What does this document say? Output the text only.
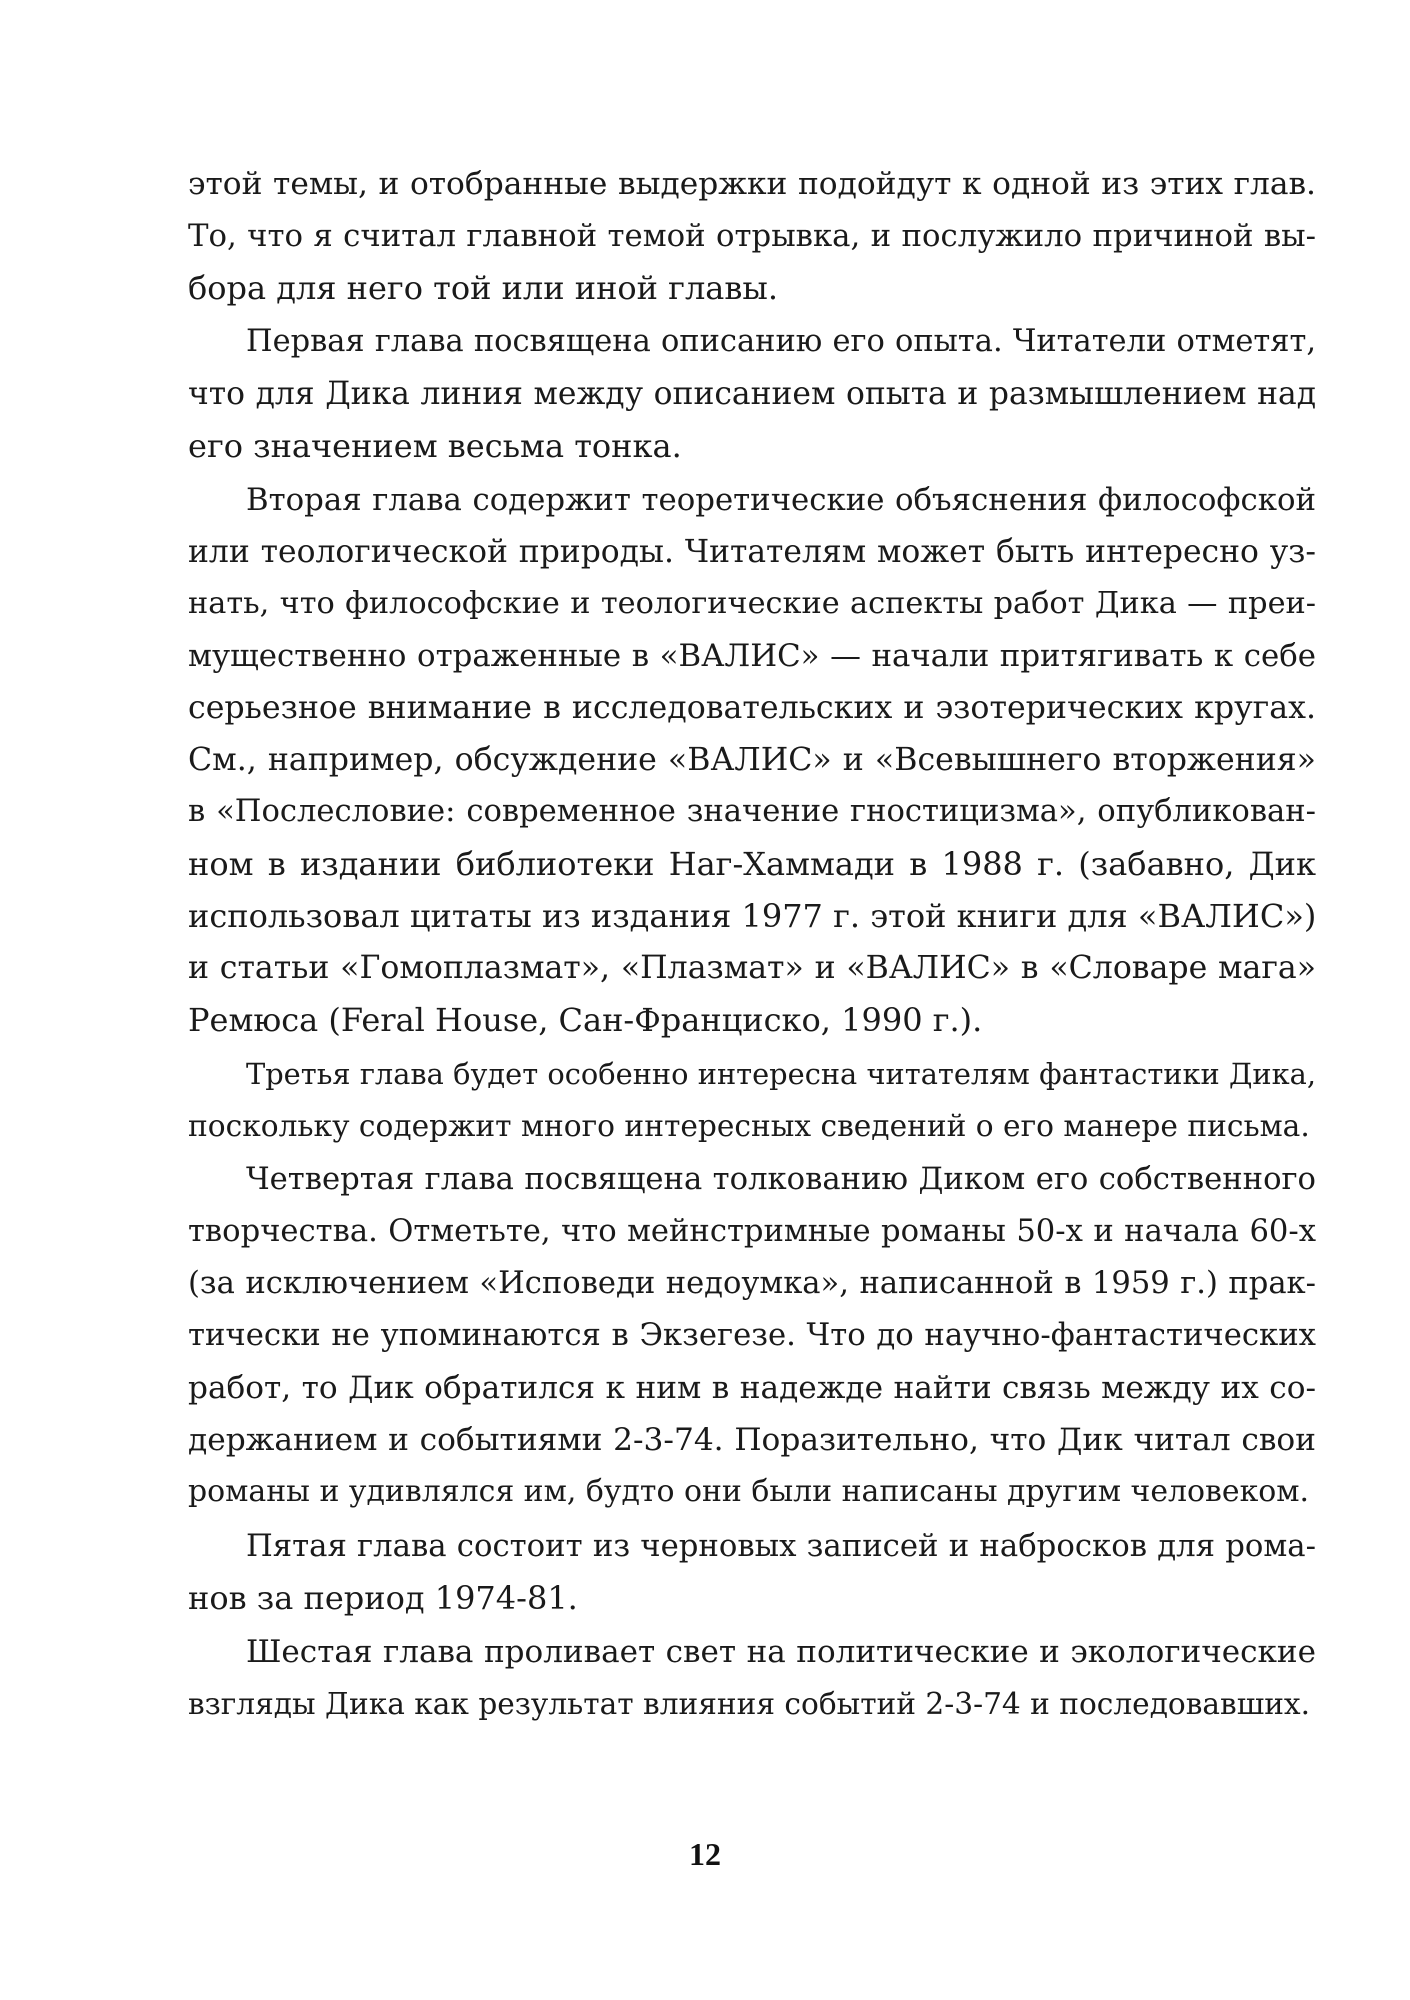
этой темы, и отобранные выдержки подойдут к одной из этих глав.
То, что я считал главной темой отрывка, и послужило причиной вы-
бора для него той или иной главы.

Первая глава посвящена описанию его опыта. Читатели отметят,
что для Дика линия между описанием опыта и размышлением над
его значением весьма тонка.

Вторая глава содержит теоретические объяснения философской
или теологической природы. Читателям может быть интересно уз-
нать, что философские и теологические аспекты работ Дика — преи-
мущественно отраженные в «ВАЛИС» — начали притягивать к себе
серьезное внимание в исследовательских и эзотерических кругах.
См., например, обсуждение «ВАЛИС» и «Всевышнего вторжения»
в «Послесловие: современное значение гностицизма», опубликован-
ном в издании библиотеки Наг-Хаммади в 1988 г. (забавно, Дик
использовал цитаты из издания 1977 г. этой книги для «ВАЛИС»)
и статьи «Гомоплазмат», «Плазмат» и «ВАЛИС» в «Словаре мага»
Ремюса (Feral House, Сан-Франциско, 1990 г.).

Третья глава будет особенно интересна читателям фантастики Дика,
поскольку содержит много интересных сведений о его манере письма.

Четвертая глава посвящена толкованию Диком его собственного
творчества. Отметьте, что мейнстримные романы 50-х и начала 60-х
(за исключением «Исповеди недоумка», написанной в 1959 г.) прак-
тически не упоминаются в Экзегезе. Что до научно-фантастических
работ, то Дик обратился к ним в надежде найти связь между их со-
держанием и событиями 2-3-74. Поразительно, что Дик читал свои
романы и удивлялся им, будто они были написаны другим человеком.

Пятая глава состоит из черновых записей и набросков для рома-
нов за период 1974-81.

Шестая глава проливает свет на политические и экологические
взгляды Дика как результат влияния событий 2-3-74 и последовавших.

12
